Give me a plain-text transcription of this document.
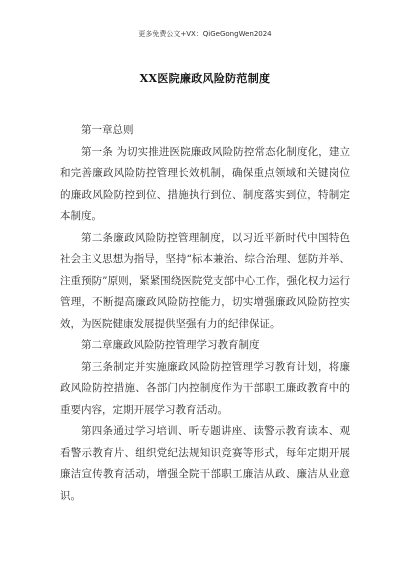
更多免费公文+VX：QiGeGongWen2024
XX医院廉政风险防范制度

第一章总则

第一条 为切实推进医院廉政风险防控常态化制度化，建立和完善廉政风险防控管理长效机制，确保重点领域和关键岗位的廉政风险防控到位、措施执行到位、制度落实到位，特制定本制度。

第二条廉政风险防控管理制度，以习近平新时代中国特色社会主义思想为指导，坚持“标本兼治、综合治理、惩防并举、注重预防”原则，紧紧围绕医院党支部中心工作，强化权力运行管理，不断提高廉政风险防控能力，切实增强廉政风险防控实效，为医院健康发展提供坚强有力的纪律保证。

第二章廉政风险防控管理学习教育制度

第三条制定并实施廉政风险防控管理学习教育计划，将廉政风险防控措施、各部门内控制度作为干部职工廉政教育中的重要内容，定期开展学习教育活动。

第四条通过学习培训、听专题讲座、读警示教育读本、观看警示教育片、组织党纪法规知识竞赛等形式，每年定期开展廉洁宣传教育活动，增强全院干部职工廉洁从政、廉洁从业意识。
